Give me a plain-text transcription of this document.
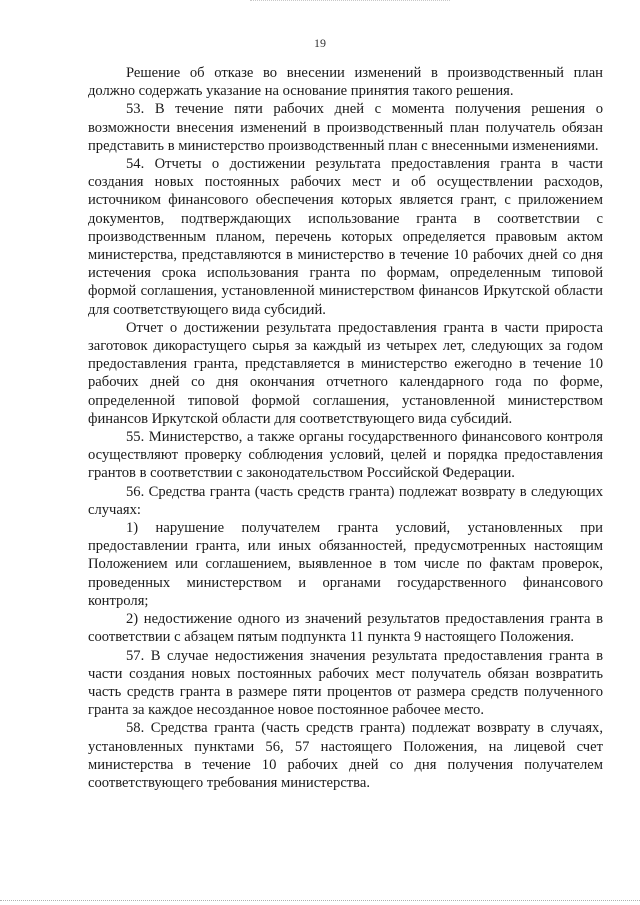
19

Решение об отказе во внесении изменений в производственный план должно содержать указание на основание принятия такого решения.

53. В течение пяти рабочих дней с момента получения решения о возможности внесения изменений в производственный план получатель обязан представить в министерство производственный план с внесенными изменениями.

54. Отчеты о достижении результата предоставления гранта в части создания новых постоянных рабочих мест и об осуществлении расходов, источником финансового обеспечения которых является грант, с приложением документов, подтверждающих использование гранта в соответствии с производственным планом, перечень которых определяется правовым актом министерства, представляются в министерство в течение 10 рабочих дней со дня истечения срока использования гранта по формам, определенным типовой формой соглашения, установленной министерством финансов Иркутской области для соответствующего вида субсидий.

Отчет о достижении результата предоставления гранта в части прироста заготовок дикорастущего сырья за каждый из четырех лет, следующих за годом предоставления гранта, представляется в министерство ежегодно в течение 10 рабочих дней со дня окончания отчетного календарного года по форме, определенной типовой формой соглашения, установленной министерством финансов Иркутской области для соответствующего вида субсидий.

55. Министерство, а также органы государственного финансового контроля осуществляют проверку соблюдения условий, целей и порядка предоставления грантов в соответствии с законодательством Российской Федерации.

56. Средства гранта (часть средств гранта) подлежат возврату в следующих случаях:

1) нарушение получателем гранта условий, установленных при предоставлении гранта, или иных обязанностей, предусмотренных настоящим Положением или соглашением, выявленное в том числе по фактам проверок, проведенных министерством и органами государственного финансового контроля;

2) недостижение одного из значений результатов предоставления гранта в соответствии с абзацем пятым подпункта 11 пункта 9 настоящего Положения.

57. В случае недостижения значения результата предоставления гранта в части создания новых постоянных рабочих мест получатель обязан возвратить часть средств гранта в размере пяти процентов от размера средств полученного гранта за каждое несозданное новое постоянное рабочее место.

58. Средства гранта (часть средств гранта) подлежат возврату в случаях, установленных пунктами 56, 57 настоящего Положения, на лицевой счет министерства в течение 10 рабочих дней со дня получения получателем соответствующего требования министерства.
